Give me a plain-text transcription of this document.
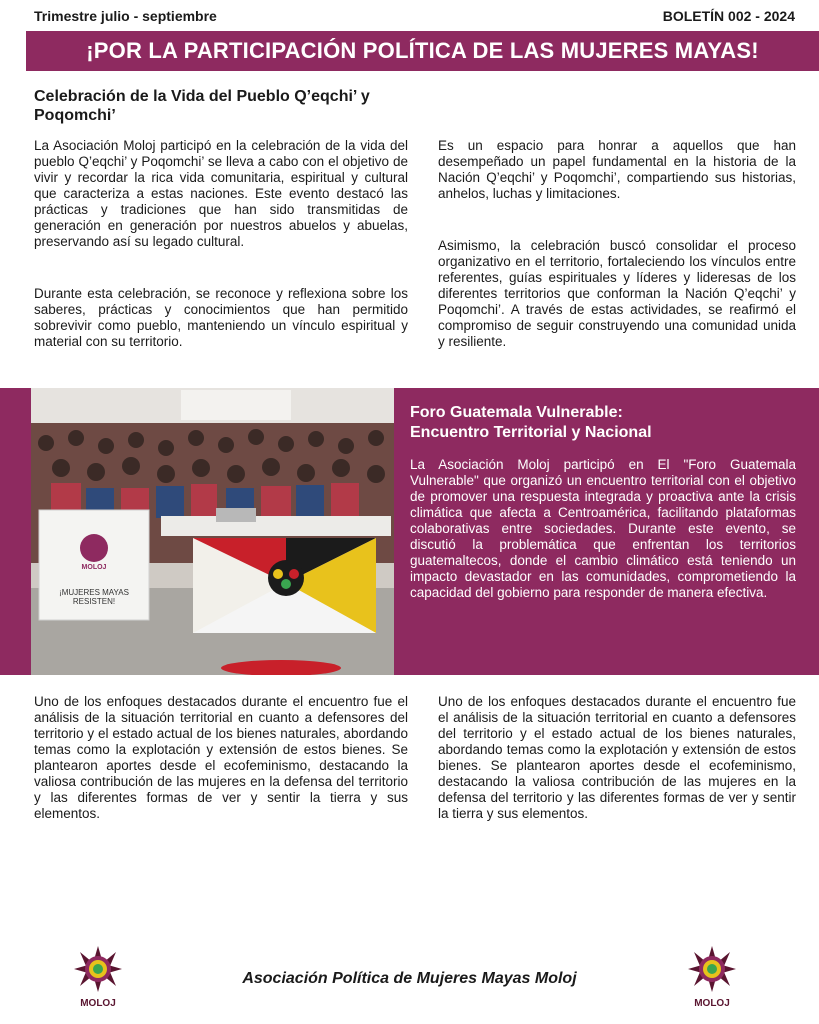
Trimestre julio - septiembre	BOLETÍN 002 - 2024
¡POR LA PARTICIPACIÓN POLÍTICA DE LAS MUJERES MAYAS!
Celebración de la Vida del Pueblo Q’eqchi’ y Poqomchi’
La Asociación Moloj participó en la celebración de la vida del pueblo Q’eqchi’ y Poqomchi’ se lleva a cabo con el objetivo de vivir y recordar la rica vida comunitaria, espiritual y cultural que caracteriza a estas naciones. Este evento destacó las prácticas y tradiciones que han sido transmitidas de generación en generación por nuestros abuelos y abuelas, preservando así su legado cultural.
Durante esta celebración, se reconoce y reflexiona sobre los saberes, prácticas y conocimientos que han permitido sobrevivir como pueblo, manteniendo un vínculo espiritual y material con su territorio.
Es un espacio para honrar a aquellos que han desempeñado un papel fundamental en la historia de la Nación Q’eqchi’ y Poqomchi’, compartiendo sus historias, anhelos, luchas y limitaciones.
Asimismo, la celebración buscó consolidar el proceso organizativo en el territorio, fortaleciendo los vínculos entre referentes, guías espirituales y líderes y lideresas de los diferentes territorios que conforman la Nación Q’eqchi’ y Poqomchi’. A través de estas actividades, se reafirmó el compromiso de seguir construyendo una comunidad unida y resiliente.
¡MUJERES MAYAS RESISTEN!
MOLOJ
Foro Guatemala Vulnerable:
Encuentro Territorial y Nacional
La Asociación Moloj participó en El "Foro Guatemala Vulnerable" que organizó un encuentro territorial con el objetivo de promover una respuesta integrada y proactiva ante la crisis climática que afecta a Centroamérica, facilitando plataformas colaborativas entre sociedades. Durante este evento, se discutió la problemática que enfrentan los territorios guatemaltecos, donde el cambio climático está teniendo un impacto devastador en las comunidades, comprometiendo la capacidad del gobierno para responder de manera efectiva.
Uno de los enfoques destacados durante el encuentro fue el análisis de la situación territorial en cuanto a defensores del territorio y el estado actual de los bienes naturales, abordando temas como la explotación y extensión de estos bienes. Se plantearon aportes desde el ecofeminismo, destacando la valiosa contribución de las mujeres en la defensa del territorio y las diferentes formas de ver y sentir la tierra y sus elementos.
Uno de los enfoques destacados durante el encuentro fue el análisis de la situación territorial en cuanto a defensores del territorio y el estado actual de los bienes naturales, abordando temas como la explotación y extensión de estos bienes. Se plantearon aportes desde el ecofeminismo, destacando la valiosa contribución de las mujeres en la defensa del territorio y las diferentes formas de ver y sentir la tierra y sus elementos.
MOLOJ
Asociación Política de Mujeres Mayas Moloj
MOLOJ
